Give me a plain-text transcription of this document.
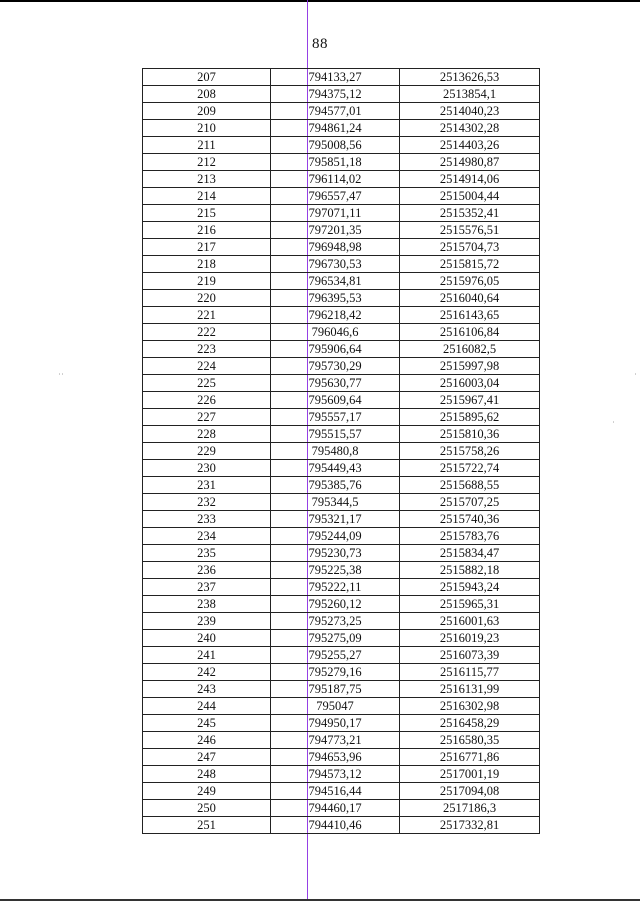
88
207	794133,27	2513626,53
208	794375,12	2513854,1
209	794577,01	2514040,23
210	794861,24	2514302,28
211	795008,56	2514403,26
212	795851,18	2514980,87
213	796114,02	2514914,06
214	796557,47	2515004,44
215	797071,11	2515352,41
216	797201,35	2515576,51
217	796948,98	2515704,73
218	796730,53	2515815,72
219	796534,81	2515976,05
220	796395,53	2516040,64
221	796218,42	2516143,65
222	796046,6	2516106,84
223	795906,64	2516082,5
224	795730,29	2515997,98
225	795630,77	2516003,04
226	795609,64	2515967,41
227	795557,17	2515895,62
228	795515,57	2515810,36
229	795480,8	2515758,26
230	795449,43	2515722,74
231	795385,76	2515688,55
232	795344,5	2515707,25
233	795321,17	2515740,36
234	795244,09	2515783,76
235	795230,73	2515834,47
236	795225,38	2515882,18
237	795222,11	2515943,24
238	795260,12	2515965,31
239	795273,25	2516001,63
240	795275,09	2516019,23
241	795255,27	2516073,39
242	795279,16	2516115,77
243	795187,75	2516131,99
244	795047	2516302,98
245	794950,17	2516458,29
246	794773,21	2516580,35
247	794653,96	2516771,86
248	794573,12	2517001,19
249	794516,44	2517094,08
250	794460,17	2517186,3
251	794410,46	2517332,81
˙˙
˙
˙
